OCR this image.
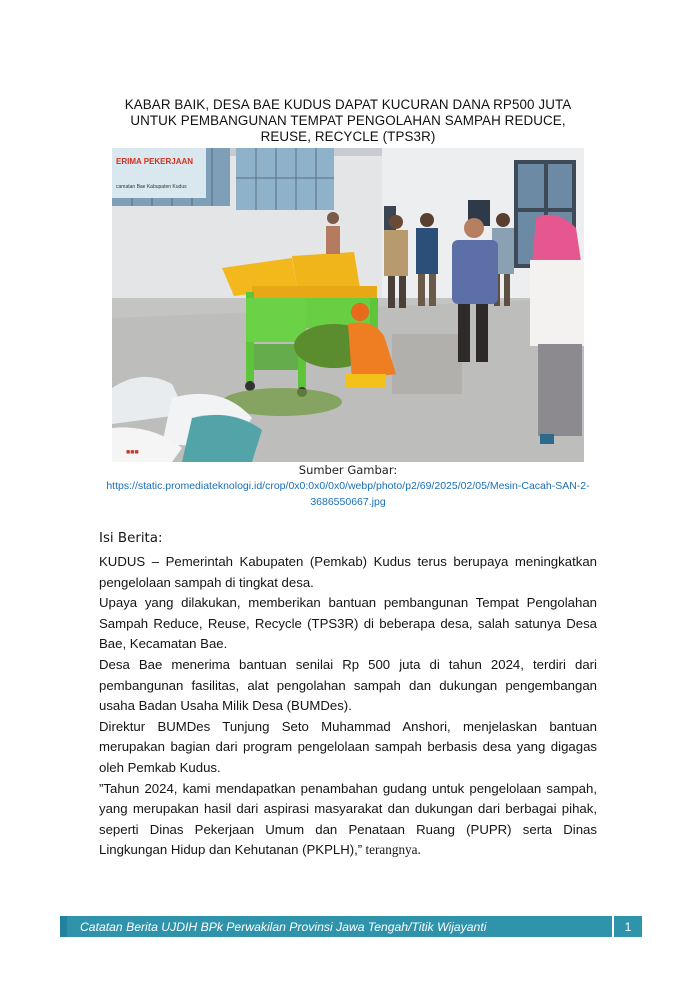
KABAR BAIK, DESA BAE KUDUS DAPAT KUCURAN DANA RP500 JUTA
UNTUK PEMBANGUNAN TEMPAT PENGOLAHAN SAMPAH REDUCE,
REUSE, RECYCLE (TPS3R)
ERIMA PEKERJAAN
camatan Bae Kabupaten Kudus
■■■
Sumber Gambar:
https://static.promediateknologi.id/crop/0x0:0x0/0x0/webp/photo/p2/69/2025/02/05/Mesin-Cacah-SAN-2-
3686550667.jpg
Isi Berita:

KUDUS – Pemerintah Kabupaten (Pemkab) Kudus terus berupaya meningkatkan pengelolaan sampah di tingkat desa.

Upaya yang dilakukan, memberikan bantuan pembangunan Tempat Pengolahan Sampah Reduce, Reuse, Recycle (TPS3R) di beberapa desa, salah satunya Desa Bae, Kecamatan Bae.

Desa Bae menerima bantuan senilai Rp 500 juta di tahun 2024, terdiri dari pembangunan fasilitas, alat pengolahan sampah dan dukungan pengembangan usaha Badan Usaha Milik Desa (BUMDes).

Direktur BUMDes Tunjung Seto Muhammad Anshori, menjelaskan bantuan merupakan bagian dari program pengelolaan sampah berbasis desa yang digagas oleh Pemkab Kudus.

”Tahun 2024, kami mendapatkan penambahan gudang untuk pengelolaan sampah, yang merupakan hasil dari aspirasi masyarakat dan dukungan dari berbagai pihak, seperti Dinas Pekerjaan Umum dan Penataan Ruang (PUPR) serta Dinas Lingkungan Hidup dan Kehutanan (PKPLH),” terangnya.

Catatan Berita UJDIH BPk Perwakilan Provinsi Jawa Tengah/Titik Wijayanti	1
